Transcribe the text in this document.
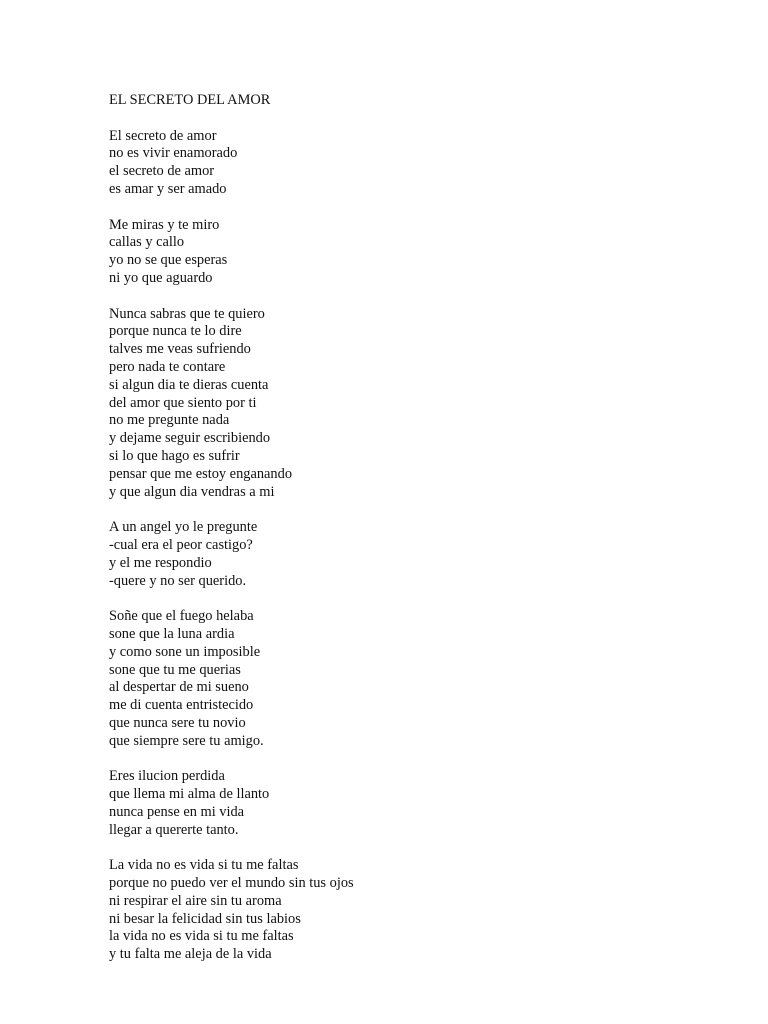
EL SECRETO DEL AMOR
El secreto de amor
no es vivir enamorado
el secreto de amor
es amar y ser amado
Me miras y te miro
callas y callo
yo no se que esperas
ni yo que aguardo
Nunca sabras que te quiero
porque nunca te lo dire
talves me veas sufriendo
pero nada te contare
si algun dia te dieras cuenta
del amor que siento por ti
no me pregunte nada
y dejame seguir escribiendo
si lo que hago es sufrir
pensar que me estoy enganando
y que algun dia vendras a mi
A un angel yo le pregunte
-cual era el peor castigo?
y el me respondio
-quere y no ser querido.
Soñe que el fuego helaba
sone que la luna ardia
y como sone un imposible
sone que tu me querias
al despertar de mi sueno
me di cuenta entristecido
que nunca sere tu novio
que siempre sere tu amigo.
Eres ilucion perdida
que llema mi alma de llanto
nunca pense en mi vida
llegar a quererte tanto.
La vida no es vida si tu me faltas
porque no puedo ver el mundo sin tus ojos
ni respirar el aire sin tu aroma
ni besar la felicidad sin tus labios
la vida no es vida si tu me faltas
y tu falta me aleja de la vida
